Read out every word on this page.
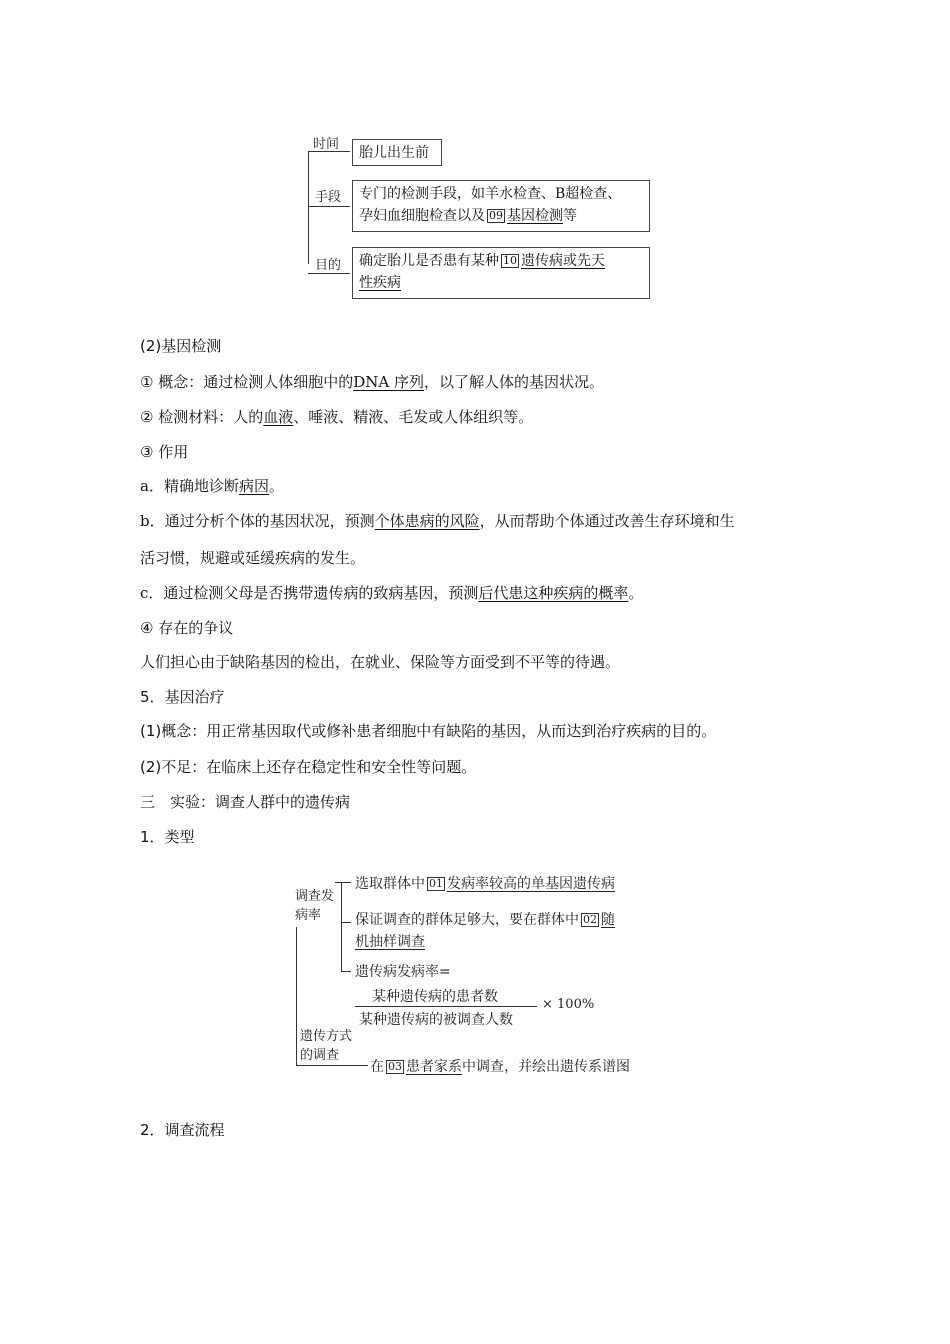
时间
手段
目的
胎儿出生前
专门的检测手段，如羊水检查、B超检查、
孕妇血细胞检查以及 09 基因检测等
确定胎儿是否患有某种 10 遗传病或先天
性疾病
(2)基因检测
① 概念：通过检测人体细胞中的DNA 序列，以了解人体的基因状况。
② 检测材料：人的血液、唾液、精液、毛发或人体组织等。
③ 作用
a．精确地诊断病因。
b．通过分析个体的基因状况，预测个体患病的风险，从而帮助个体通过改善生存环境和生
活习惯，规避或延缓疾病的发生。
c．通过检测父母是否携带遗传病的致病基因，预测后代患这种疾病的概率。
④ 存在的争议
人们担心由于缺陷基因的检出，在就业、保险等方面受到不平等的待遇。
5．基因治疗
(1)概念：用正常基因取代或修补患者细胞中有缺陷的基因，从而达到治疗疾病的目的。
(2)不足：在临床上还存在稳定性和安全性等问题。
三　实验：调查人群中的遗传病
1．类型
调查发
病率
选取群体中 01 发病率较高的单基因遗传病
保证调查的群体足够大，要在群体中 02 随
机抽样调查
遗传病发病率=
某种遗传病的患者数
某种遗传病的被调查人数
× 100%
遗传方式
的调查
在 03 患者家系中调查，并绘出遗传系谱图
2．调查流程
